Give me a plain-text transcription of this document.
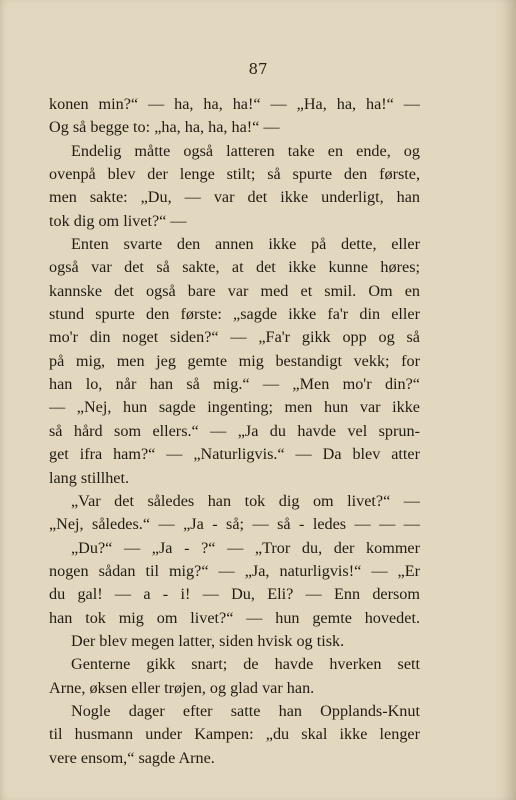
87
konen min?“ — ha, ha, ha!“ — „Ha, ha, ha!“ —
Og så begge to: „ha, ha, ha, ha!“ —
Endelig måtte også latteren take en ende, og
ovenpå blev der lenge stilt; så spurte den første,
men sakte: „Du, — var det ikke underligt, han
tok dig om livet?“ —
Enten svarte den annen ikke på dette, eller
også var det så sakte, at det ikke kunne høres;
kannske det også bare var med et smil. Om en
stund spurte den første: „sagde ikke fa'r din eller
mo'r din noget siden?“ — „Fa'r gikk opp og så
på mig, men jeg gemte mig bestandigt vekk; for
han lo, når han så mig.“ — „Men mo'r din?“
— „Nej, hun sagde ingenting; men hun var ikke
så hård som ellers.“ — „Ja du havde vel sprun-
get ifra ham?“ — „Naturligvis.“ — Da blev atter
lang stillhet.
„Var det således han tok dig om livet?“ —
„Nej, således.“ — „Ja - så; — så - ledes — — —
„Du?“ — „Ja - ?“ — „Tror du, der kommer
nogen sådan til mig?“ — „Ja, naturligvis!“ — „Er
du gal! — a - i! — Du, Eli? — Enn dersom
han tok mig om livet?“ — hun gemte hovedet.
Der blev megen latter, siden hvisk og tisk.
Genterne gikk snart; de havde hverken sett
Arne, øksen eller trøjen, og glad var han.
Nogle dager efter satte han Opplands-Knut
til husmann under Kampen: „du skal ikke lenger
vere ensom,“ sagde Arne.
